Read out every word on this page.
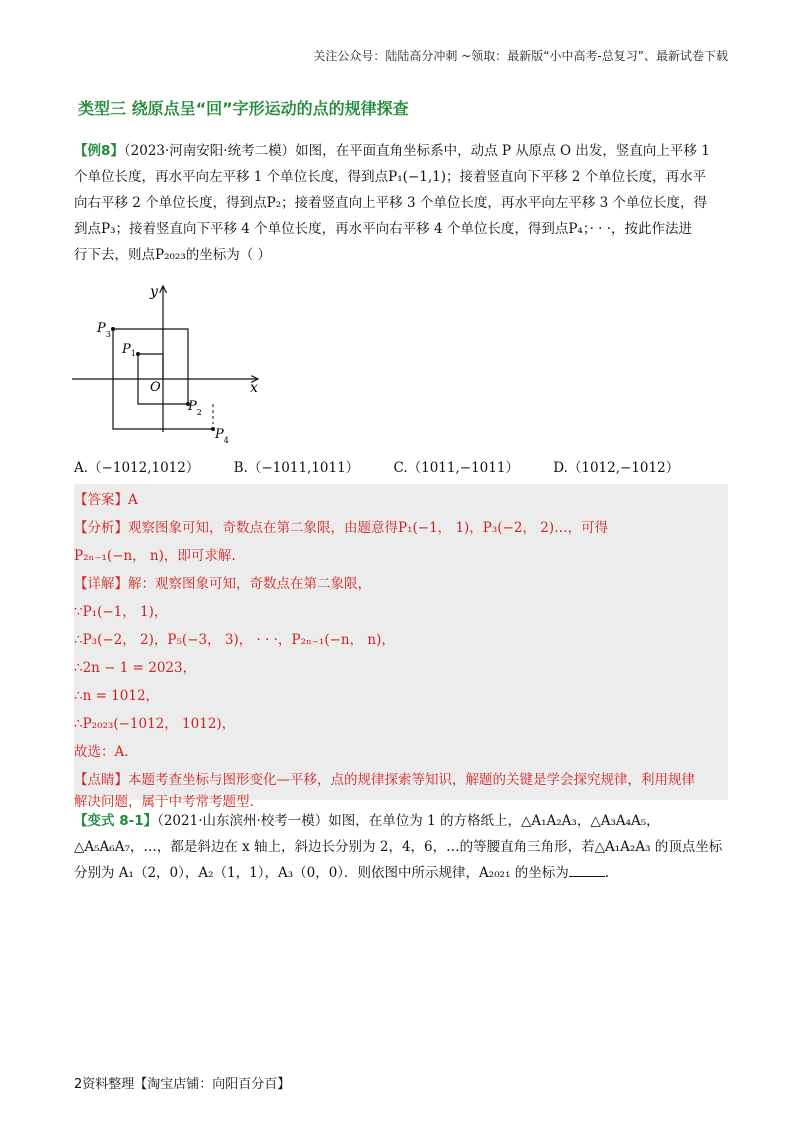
关注公众号：陆陆高分冲刺 ~领取：最新版“小中高考-总复习”、最新试卷下载
类型三 绕原点呈“回”字形运动的点的规律探查
【例8】（2023·河南安阳·统考二模）如图，在平面直角坐标系中，动点 P 从原点 O 出发，竖直向上平移 1
个单位长度，再水平向左平移 1 个单位长度，得到点P₁(−1,1)；接着竖直向下平移 2 个单位长度，再水平
向右平移 2 个单位长度，得到点P₂；接着竖直向上平移 3 个单位长度，再水平向左平移 3 个单位长度，得
到点P₃；接着竖直向下平移 4 个单位长度，再水平向右平移 4 个单位长度，得到点P₄；· · ·，按此作法进
行下去，则点P₂₀₂₃的坐标为（ ）
y
x
O
$P_1$
$P_2$
$P_3$
$P_4$
A.（−1012,1012）	B.（−1011,1011）	C.（1011,−1011）	D.（1012,−1012）
【答案】A
【分析】观察图象可知，奇数点在第二象限，由题意得P₁(−1， 1)，P₃(−2， 2)…，可得
P₂ₙ₋₁(−n， n)，即可求解.
【详解】解：观察图象可知，奇数点在第二象限，
∵P₁(−1， 1)，
∴P₃(−2， 2)，P₅(−3， 3)， · · ·，P₂ₙ₋₁(−n， n)，
∴2n − 1 = 2023，
∴n = 1012，
∴P₂₀₂₃(−1012， 1012)，
故选：A.
【点睛】本题考查坐标与图形变化—平移，点的规律探索等知识，解题的关键是学会探究规律，利用规律
解决问题，属于中考常考题型.
【变式 8-1】（2021·山东滨州·校考一模）如图，在单位为 1 的方格纸上，△A₁A₂A₃，△A₃A₄A₅，
△A₅A₆A₇，…，都是斜边在 x 轴上，斜边长分别为 2，4，6，…的等腰直角三角形，若△A₁A₂A₃ 的顶点坐标
分别为 A₁（2，0），A₂（1，1），A₃（0，0）．则依图中所示规律，A₂₀₂₁ 的坐标为	.
2资料整理【淘宝店铺：向阳百分百】
